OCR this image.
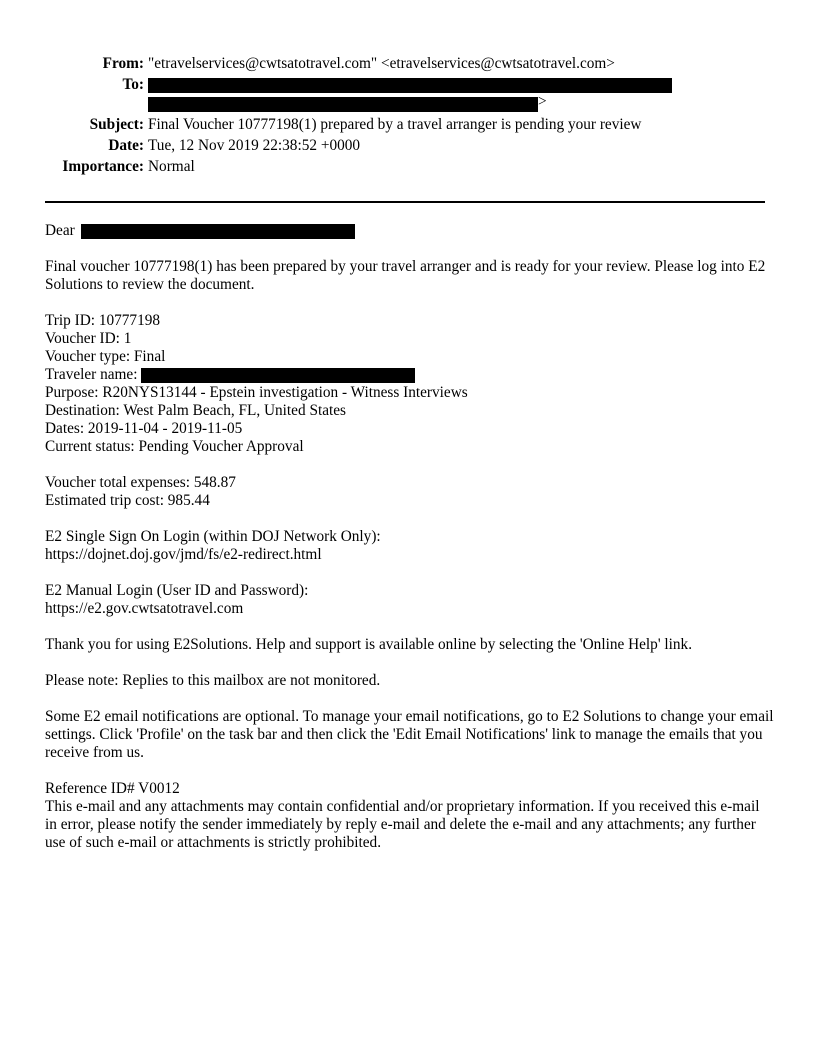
From: "etravelservices@cwtsatotravel.com" <etravelservices@cwtsatotravel.com>
To:
>
Subject: Final Voucher 10777198(1) prepared by a travel arranger is pending your review
Date: Tue, 12 Nov 2019 22:38:52 +0000
Importance: Normal

Dear

Final voucher 10777198(1) has been prepared by your travel arranger and is ready for your review. Please log into E2 Solutions to review the document.

Trip ID: 10777198
Voucher ID: 1
Voucher type: Final
Traveler name:
Purpose: R20NYS13144 - Epstein investigation - Witness Interviews
Destination: West Palm Beach, FL, United States
Dates: 2019-11-04 - 2019-11-05
Current status: Pending Voucher Approval

Voucher total expenses: 548.87
Estimated trip cost: 985.44

E2 Single Sign On Login (within DOJ Network Only):
https://dojnet.doj.gov/jmd/fs/e2-redirect.html

E2 Manual Login (User ID and Password):
https://e2.gov.cwtsatotravel.com

Thank you for using E2Solutions. Help and support is available online by selecting the 'Online Help' link.

Please note: Replies to this mailbox are not monitored.

Some E2 email notifications are optional. To manage your email notifications, go to E2 Solutions to change your email settings. Click 'Profile' on the task bar and then click the 'Edit Email Notifications' link to manage the emails that you receive from us.

Reference ID# V0012
This e-mail and any attachments may contain confidential and/or proprietary information. If you received this e-mail in error, please notify the sender immediately by reply e-mail and delete the e-mail and any attachments; any further use of such e-mail or attachments is strictly prohibited.
